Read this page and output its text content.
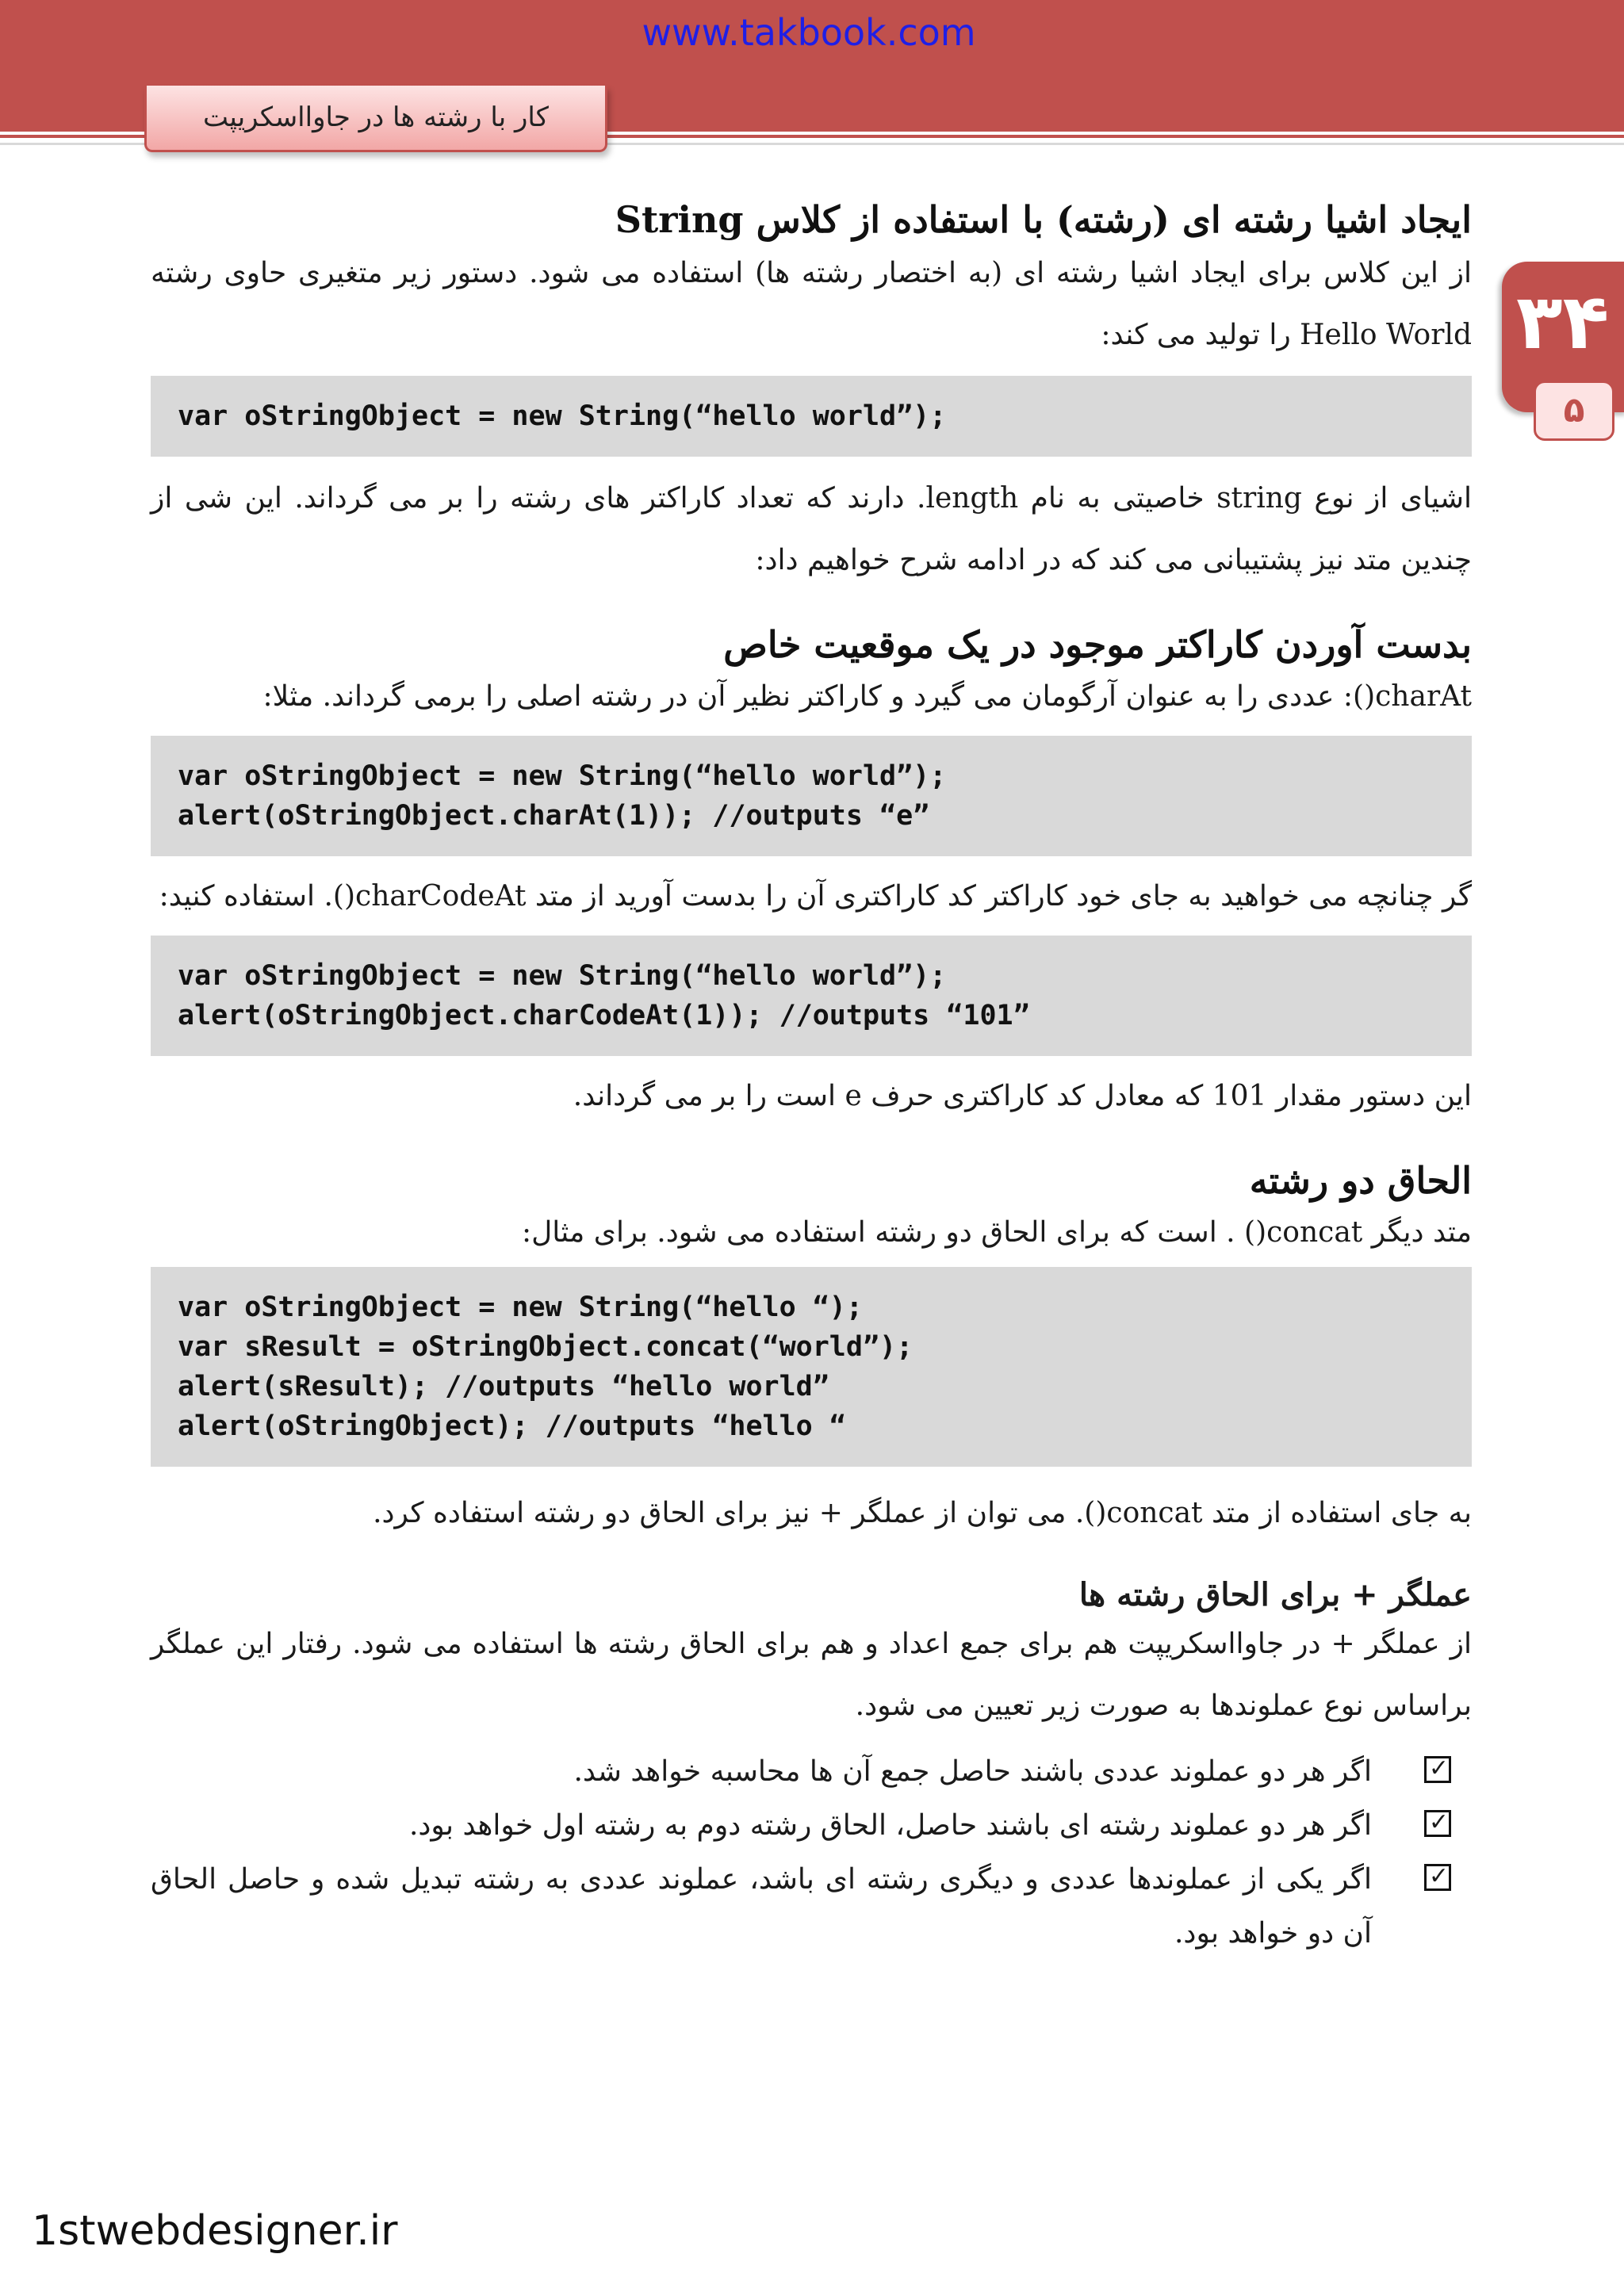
www.takbook.com
کار با رشته ها در جاوااسکریپت
۳۴
۵
ایجاد اشیا رشته ای (رشته) با استفاده از کلاس String

از این کلاس برای ایجاد اشیا رشته ای (به اختصار رشته ها) استفاده می شود. دستور زیر متغیری حاوی رشته Hello World را تولید می کند:

var oStringObject = new String(“hello world”);

اشیای از نوع string خاصیتی به نام length. دارند که تعداد کاراکتر های رشته را بر می گرداند. این شی از چندین متد نیز پشتیبانی می کند که در ادامه شرح خواهیم داد:

بدست آوردن کاراکتر موجود در یک موقعیت خاص

charAt(): عددی را به عنوان آرگومان می گیرد و کاراکتر نظیر آن در رشته اصلی را برمی گرداند. مثلا:

var oStringObject = new String(“hello world”);
alert(oStringObject.charAt(1)); //outputs “e”

گر چنانچه می خواهید به جای خود کاراکتر کد کاراکتری آن را بدست آورید از متد charCodeAt(). استفاده کنید:

var oStringObject = new String(“hello world”);
alert(oStringObject.charCodeAt(1)); //outputs “101”

این دستور مقدار 101 که معادل کد کاراکتری حرف e است را بر می گرداند.

الحاق دو رشته

متد دیگر concat() . است که برای الحاق دو رشته استفاده می شود. برای مثال:

var oStringObject = new String(“hello “);
var sResult = oStringObject.concat(“world”);
alert(sResult); //outputs “hello world”
alert(oStringObject); //outputs “hello “

به جای استفاده از متد concat(). می توان از عملگر + نیز برای الحاق دو رشته استفاده کرد.

عملگر + برای الحاق رشته ها

از عملگر + در جاوااسکریپت هم برای جمع اعداد و هم برای الحاق رشته ها استفاده می شود. رفتار این عملگر براساس نوع عملوندها به صورت زیر تعیین می شود.

✓
اگر هر دو عملوند عددی باشند حاصل جمع آن ها محاسبه خواهد شد.
✓
اگر هر دو عملوند رشته ای باشند حاصل، الحاق رشته دوم به رشته اول خواهد بود.
✓
اگر یکی از عملوندها عددی و دیگری رشته ای باشد، عملوند عددی به رشته تبدیل شده و حاصل الحاق آن دو خواهد بود.
1stwebdesigner.ir
